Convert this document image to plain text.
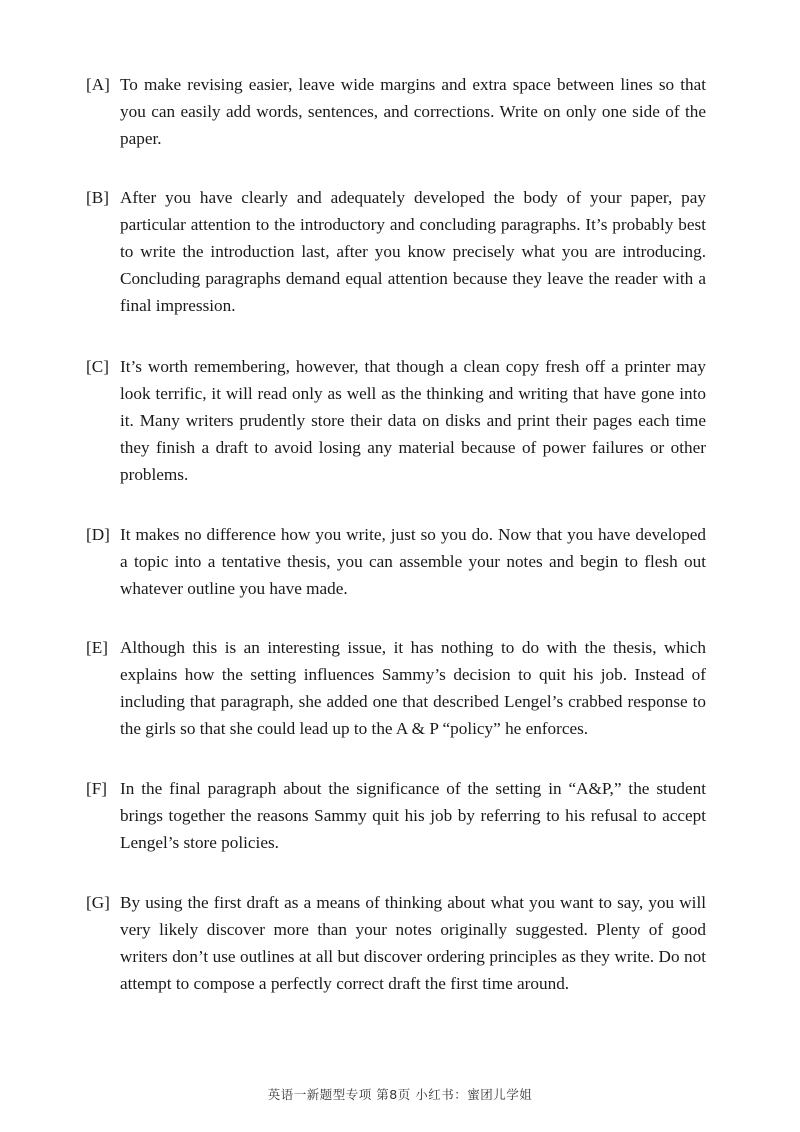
[A] To make revising easier, leave wide margins and extra space between lines so that you can easily add words, sentences, and corrections. Write on only one side of the paper.
[B] After you have clearly and adequately developed the body of your paper, pay particular attention to the introductory and concluding paragraphs. It’s probably best to write the introduction last, after you know precisely what you are introducing. Concluding paragraphs demand equal attention because they leave the reader with a final impression.
[C] It’s worth remembering, however, that though a clean copy fresh off a printer may look terrific, it will read only as well as the thinking and writing that have gone into it. Many writers prudently store their data on disks and print their pages each time they finish a draft to avoid losing any material because of power failures or other problems.
[D] It makes no difference how you write, just so you do. Now that you have developed a topic into a tentative thesis, you can assemble your notes and begin to flesh out whatever outline you have made.
[E] Although this is an interesting issue, it has nothing to do with the thesis, which explains how the setting influences Sammy’s decision to quit his job. Instead of including that paragraph, she added one that described Lengel’s crabbed response to the girls so that she could lead up to the A & P “policy” he enforces.
[F] In the final paragraph about the significance of the setting in “A&P,” the student brings together the reasons Sammy quit his job by referring to his refusal to accept Lengel’s store policies.
[G] By using the first draft as a means of thinking about what you want to say, you will very likely discover more than your notes originally suggested. Plenty of good writers don’t use outlines at all but discover ordering principles as they write. Do not attempt to compose a perfectly correct draft the first time around.
英语一新题型专项 第8页 小红书：蜜团儿学姐
